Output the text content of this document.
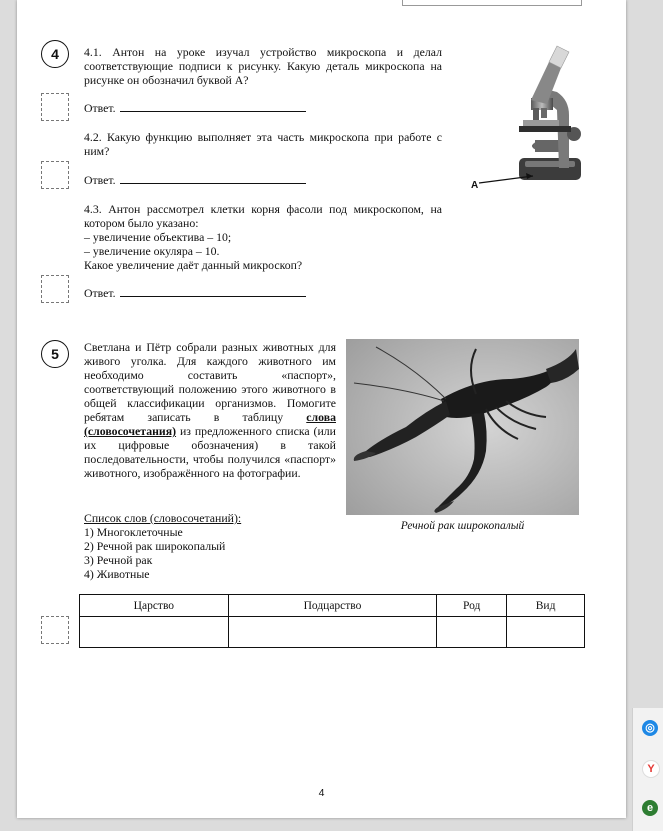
4	4.1. Антон на уроке изучал устройство микроскопа и делал соответствующие подписи к рисунку. Какую деталь микроскопа на рисунке он обозначил буквой А?
Ответ.
4.2. Какую функцию выполняет эта часть микроскопа при работе с ним?
Ответ.
4.3. Антон рассмотрел клетки корня фасоли под микроскопом, на котором было указано:
– увеличение объектива – 10;
– увеличение окуляра – 10.
Какое увеличение даёт данный микроскоп?
Ответ.
А
5	Светлана и Пётр собрали разных животных для живого уголка. Для каждого животного им необходимо составить «паспорт», соответствующий положению этого животного в общей классификации организмов. Помогите ребятам записать в таблицу слова (словосочетания) из предложенного списка (или их цифровые обозначения) в такой последовательности, чтобы получился «паспорт» животного, изображённого на фотографии.
Речной рак широкопалый
Список слов (словосочетаний):
1) Многоклеточные
2) Речной рак широкопалый
3) Речной рак
4) Животные
Царство	Подцарство	Род	Вид

4
◎
Y
e
